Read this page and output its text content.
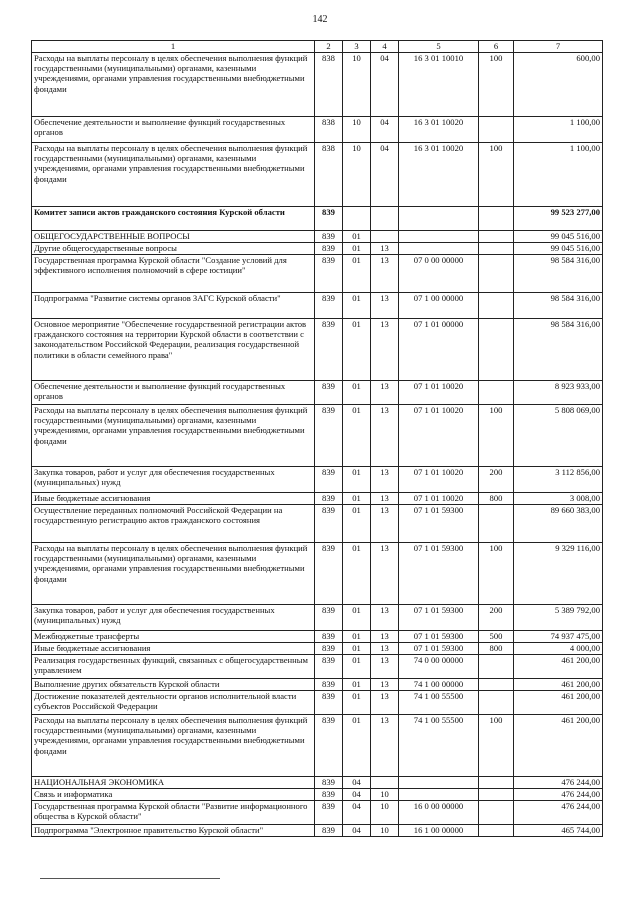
142
1	2	3	4	5	6	7
Расходы на выплаты персоналу в целях обеспечения выполнения функций государственными (муниципальными) органами, казенными учреждениями, органами управления государственными внебюджетными фондами	838	10	04	16 3 01 10010	100	600,00
Обеспечение деятельности и выполнение функций государственных органов	838	10	04	16 3 01 10020		1 100,00
Расходы на выплаты персоналу в целях обеспечения выполнения функций государственными (муниципальными) органами, казенными учреждениями, органами управления государственными внебюджетными фондами	838	10	04	16 3 01 10020	100	1 100,00
Комитет записи актов гражданского состояния Курской области	839					99 523 277,00
ОБЩЕГОСУДАРСТВЕННЫЕ ВОПРОСЫ	839	01				99 045 516,00
Другие общегосударственные вопросы	839	01	13			99 045 516,00
Государственная программа Курской области "Создание условий для эффективного исполнения полномочий в сфере юстиции"	839	01	13	07 0 00 00000		98 584 316,00
Подпрограмма "Развитие системы органов ЗАГС Курской области"	839	01	13	07 1 00 00000		98 584 316,00
Основное мероприятие "Обеспечение государственной регистрации актов гражданского состояния на территории Курской области в соответствии с законодательством Российской Федерации, реализация государственной политики в области семейного права"	839	01	13	07 1 01 00000		98 584 316,00
Обеспечение деятельности и выполнение функций государственных органов	839	01	13	07 1 01 10020		8 923 933,00
Расходы на выплаты персоналу в целях обеспечения выполнения функций государственными (муниципальными) органами, казенными учреждениями, органами управления государственными внебюджетными фондами	839	01	13	07 1 01 10020	100	5 808 069,00
Закупка товаров, работ и услуг для обеспечения государственных (муниципальных) нужд	839	01	13	07 1 01 10020	200	3 112 856,00
Иные бюджетные ассигнования	839	01	13	07 1 01 10020	800	3 008,00
Осуществление переданных полномочий Российской Федерации на государственную регистрацию актов гражданского состояния	839	01	13	07 1 01 59300		89 660 383,00
Расходы на выплаты персоналу в целях обеспечения выполнения функций государственными (муниципальными) органами, казенными учреждениями, органами управления государственными внебюджетными фондами	839	01	13	07 1 01 59300	100	9 329 116,00
Закупка товаров, работ и услуг для обеспечения государственных (муниципальных) нужд	839	01	13	07 1 01 59300	200	5 389 792,00
Межбюджетные трансферты	839	01	13	07 1 01 59300	500	74 937 475,00
Иные бюджетные ассигнования	839	01	13	07 1 01 59300	800	4 000,00
Реализация государственных функций, связанных с общегосударственным управлением	839	01	13	74 0 00 00000		461 200,00
Выполнение других обязательств Курской области	839	01	13	74 1 00 00000		461 200,00
Достижение показателей деятельности органов исполнительной власти субъектов Российской Федерации	839	01	13	74 1 00 55500		461 200,00
Расходы на выплаты персоналу в целях обеспечения выполнения функций государственными (муниципальными) органами, казенными учреждениями, органами управления государственными внебюджетными фондами	839	01	13	74 1 00 55500	100	461 200,00
НАЦИОНАЛЬНАЯ ЭКОНОМИКА	839	04				476 244,00
Связь и информатика	839	04	10			476 244,00
Государственная программа Курской области "Развитие информационного общества в Курской области"	839	04	10	16 0 00 00000		476 244,00
Подпрограмма "Электронное правительство Курской области"	839	04	10	16 1 00 00000		465 744,00
